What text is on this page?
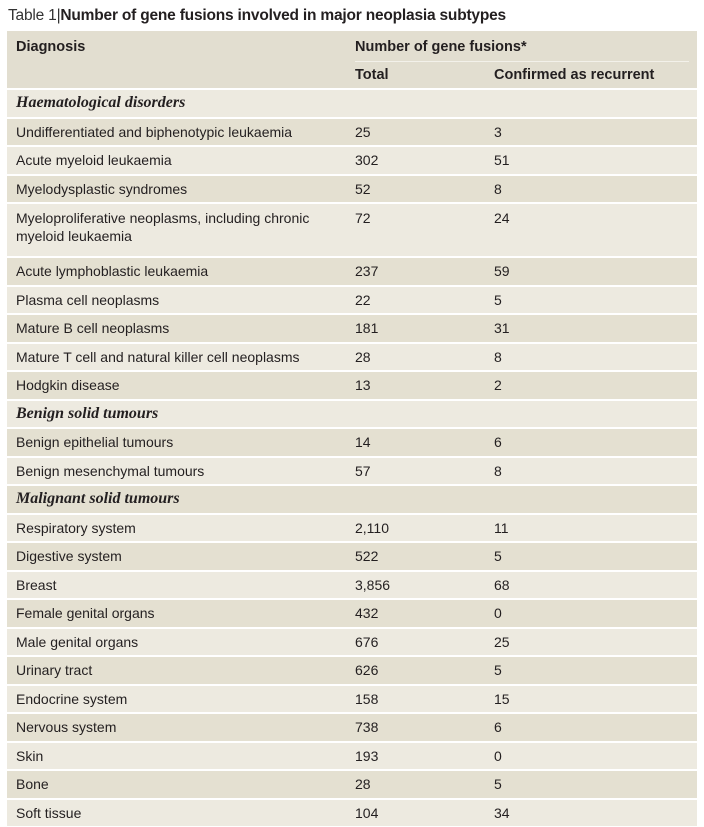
Table 1|Number of gene fusions involved in major neoplasia subtypes
Diagnosis	Number of gene fusions*	

	Total	Confirmed as recurrent
Haematological disorders		
Undifferentiated and biphenotypic leukaemia	25	3
Acute myeloid leukaemia	302	51
Myelodysplastic syndromes	52	8
Myeloproliferative neoplasms, including chronic myeloid leukaemia	72	24
Acute lymphoblastic leukaemia	237	59
Plasma cell neoplasms	22	5
Mature B cell neoplasms	181	31
Mature T cell and natural killer cell neoplasms	28	8
Hodgkin disease	13	2
Benign solid tumours		
Benign epithelial tumours	14	6
Benign mesenchymal tumours	57	8
Malignant solid tumours		
Respiratory system	2,110	11
Digestive system	522	5
Breast	3,856	68
Female genital organs	432	0
Male genital organs	676	25
Urinary tract	626	5
Endocrine system	158	15
Nervous system	738	6
Skin	193	0
Bone	28	5
Soft tissue	104	34
